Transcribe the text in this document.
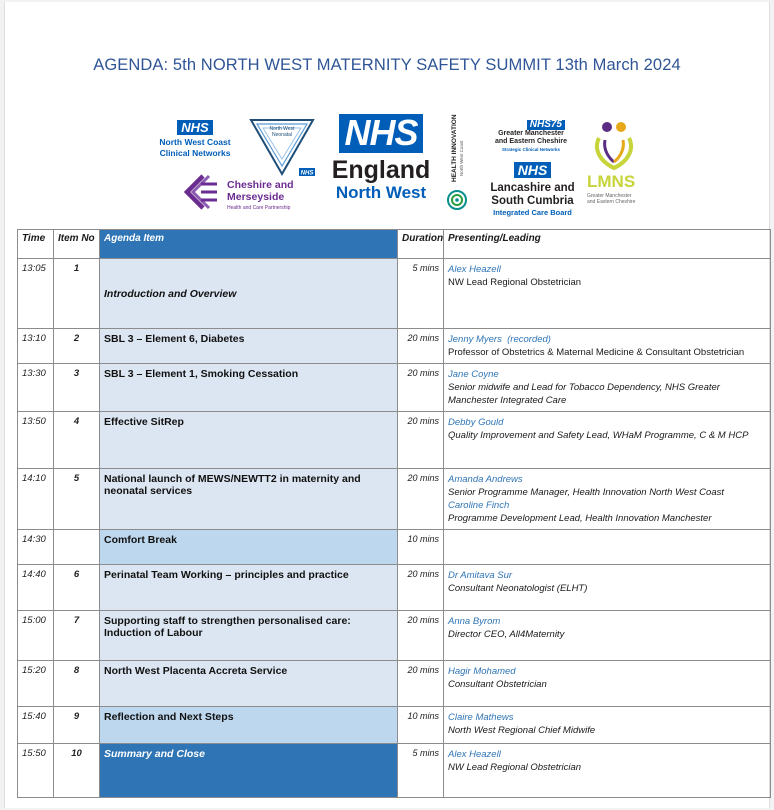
AGENDA: 5th NORTH WEST MATERNITY SAFETY SUMMIT 13th March 2024
NHS
North West Coast
Clinical Networks
North West
Neonatal
NHS
Cheshire and
Merseyside
Health and Care Partnership
NHS
England
North West
HEALTH INNOVATION North West Coast
NHS75
Greater Manchester
and Eastern Cheshire
Strategic Clinical Networks
NHS
Lancashire and
South Cumbria
Integrated Care Board
LMNS
Greater Manchester
and Eastern Cheshire
Time	Item No	Agenda Item	Duration	Presenting/Leading
13:05	1	Introduction and Overview	5 mins	Alex Heazell
NW Lead Regional Obstetrician

13:10	2	SBL 3 – Element 6, Diabetes	20 mins	Jenny Myers (recorded)
Professor of Obstetrics & Maternal Medicine & Consultant Obstetrician

13:30	3	SBL 3 – Element 1, Smoking Cessation	20 mins	Jane Coyne
Senior midwife and Lead for Tobacco Dependency, NHS Greater Manchester Integrated Care

13:50	4	Effective SitRep	20 mins	Debby Gould
Quality Improvement and Safety Lead, WHaM Programme, C & M HCP

14:10	5	National launch of MEWS/NEWTT2 in maternity and neonatal services	20 mins	Amanda Andrews
Senior Programme Manager, Health Innovation North West Coast
Caroline Finch
Programme Development Lead, Health Innovation Manchester

14:30		Comfort Break	10 mins	
14:40	6	Perinatal Team Working – principles and practice	20 mins	Dr Amitava Sur
Consultant Neonatologist (ELHT)

15:00	7	Supporting staff to strengthen personalised care: Induction of Labour	20 mins	Anna Byrom
Director CEO, All4Maternity

15:20	8	North West Placenta Accreta Service	20 mins	Hagir Mohamed
Consultant Obstetrician

15:40	9	Reflection and Next Steps	10 mins	Claire Mathews
North West Regional Chief Midwife

15:50	10	Summary and Close	5 mins	Alex Heazell
NW Lead Regional Obstetrician
